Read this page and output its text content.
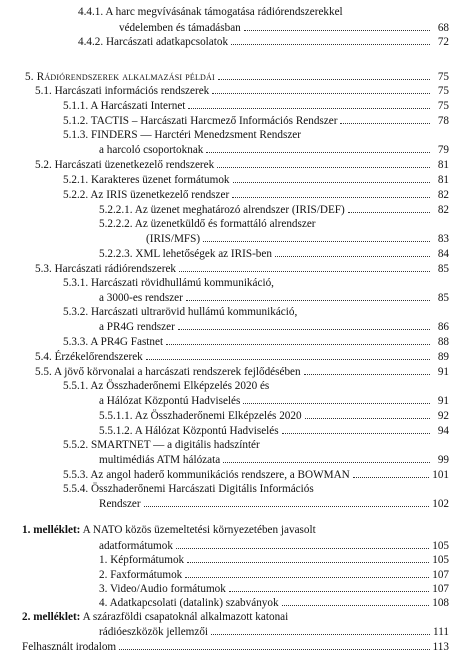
4.4.1. A harc megvívásának támogatása rádiórendszerekkel
védelemben és támadásban	68
4.4.2. Harcászati adatkapcsolatok	72
5. Rádiórendszerek alkalmazási példái	75
5.1. Harcászati információs rendszerek	75
5.1.1. A Harcászati Internet	75
5.1.2. TACTIS – Harcászati Harcmező Információs Rendszer	78
5.1.3. FINDERS — Harctéri Menedzsment Rendszer
a harcoló csoportoknak	79
5.2. Harcászati üzenetkezelő rendszerek	81
5.2.1. Karakteres üzenet formátumok	81
5.2.2. Az IRIS üzenetkezelő rendszer	82
5.2.2.1. Az üzenet meghatározó alrendszer (IRIS/DEF)	82
5.2.2.2. Az üzenetküldő és formattáló alrendszer
(IRIS/MFS)	83
5.2.2.3. XML lehetőségek az IRIS-ben	84
5.3. Harcászati rádiórendszerek	85
5.3.1. Harcászati rövidhullámú kommunikáció,
a 3000-es rendszer	85
5.3.2. Harcászati ultrarövid hullámú kommunikáció,
a PR4G rendszer	86
5.3.3. A PR4G Fastnet	88
5.4. Érzékelőrendszerek	89
5.5. A jövő körvonalai a harcászati rendszerek fejlődésében	91
5.5.1. Az Összhaderőnemi Elképzelés 2020 és
a Hálózat Központú Hadviselés	91
5.5.1.1. Az Összhaderőnemi Elképzelés 2020	92
5.5.1.2. A Hálózat Központú Hadviselés	94
5.5.2. SMARTNET — a digitális hadszíntér
multimédiás ATM hálózata	99
5.5.3. Az angol haderő kommunikációs rendszere, a BOWMAN	101
5.5.4. Összhaderőnemi Harcászati Digitális Információs
Rendszer	102
1. melléklet: A NATO közös üzemeltetési környezetében javasolt
adatformátumok	105
1. Képformátumok	105
2. Faxformátumok	107
3. Video/Audio formátumok	107
4. Adatkapcsolati (datalink) szabványok	108
2. melléklet: A szárazföldi csapatoknál alkalmazott katonai
rádióeszközök jellemzői	111
Felhasznált irodalom	113
